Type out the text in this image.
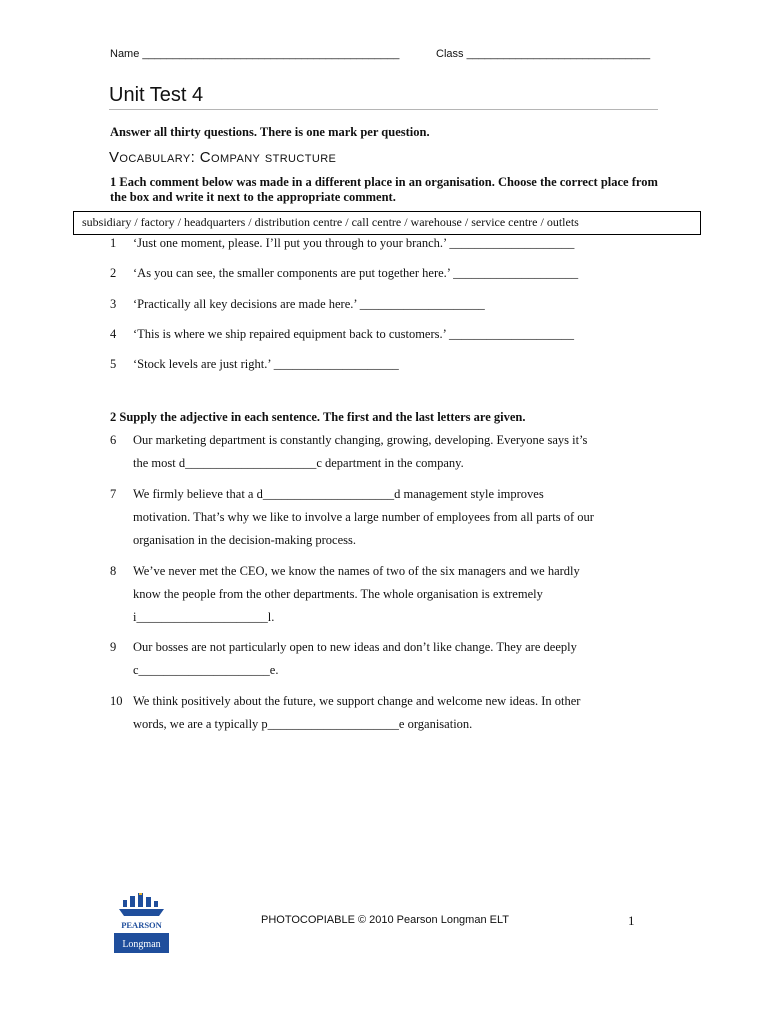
Name __________________________________________	Class ______________________________
Unit Test 4
Answer all thirty questions. There is one mark per question.
Vocabulary: Company structure
1 Each comment below was made in a different place in an organisation. Choose the correct place from the box and write it next to the appropriate comment.
subsidiary / factory / headquarters / distribution centre / call centre / warehouse / service centre / outlets
1 ‘Just one moment, please. I’ll put you through to your branch.’ ____________________
2 ‘As you can see, the smaller components are put together here.’ ____________________
3 ‘Practically all key decisions are made here.’ ____________________
4 ‘This is where we ship repaired equipment back to customers.’ ____________________
5 ‘Stock levels are just right.’ ____________________
2 Supply the adjective in each sentence. The first and the last letters are given.
6 Our marketing department is constantly changing, growing, developing. Everyone says it’s
the most d_____________________c department in the company.
7 We firmly believe that a d_____________________d management style improves
motivation. That’s why we like to involve a large number of employees from all parts of our
organisation in the decision-making process.
8 We’ve never met the CEO, we know the names of two of the six managers and we hardly
know the people from the other departments. The whole organisation is extremely
i_____________________l.
9 Our bosses are not particularly open to new ideas and don’t like change. They are deeply
c_____________________e.
10 We think positively about the future, we support change and welcome new ideas. In other
words, we are a typically p_____________________e organisation.
PEARSON
Longman
PHOTOCOPIABLE © 2010 Pearson Longman ELT	1
